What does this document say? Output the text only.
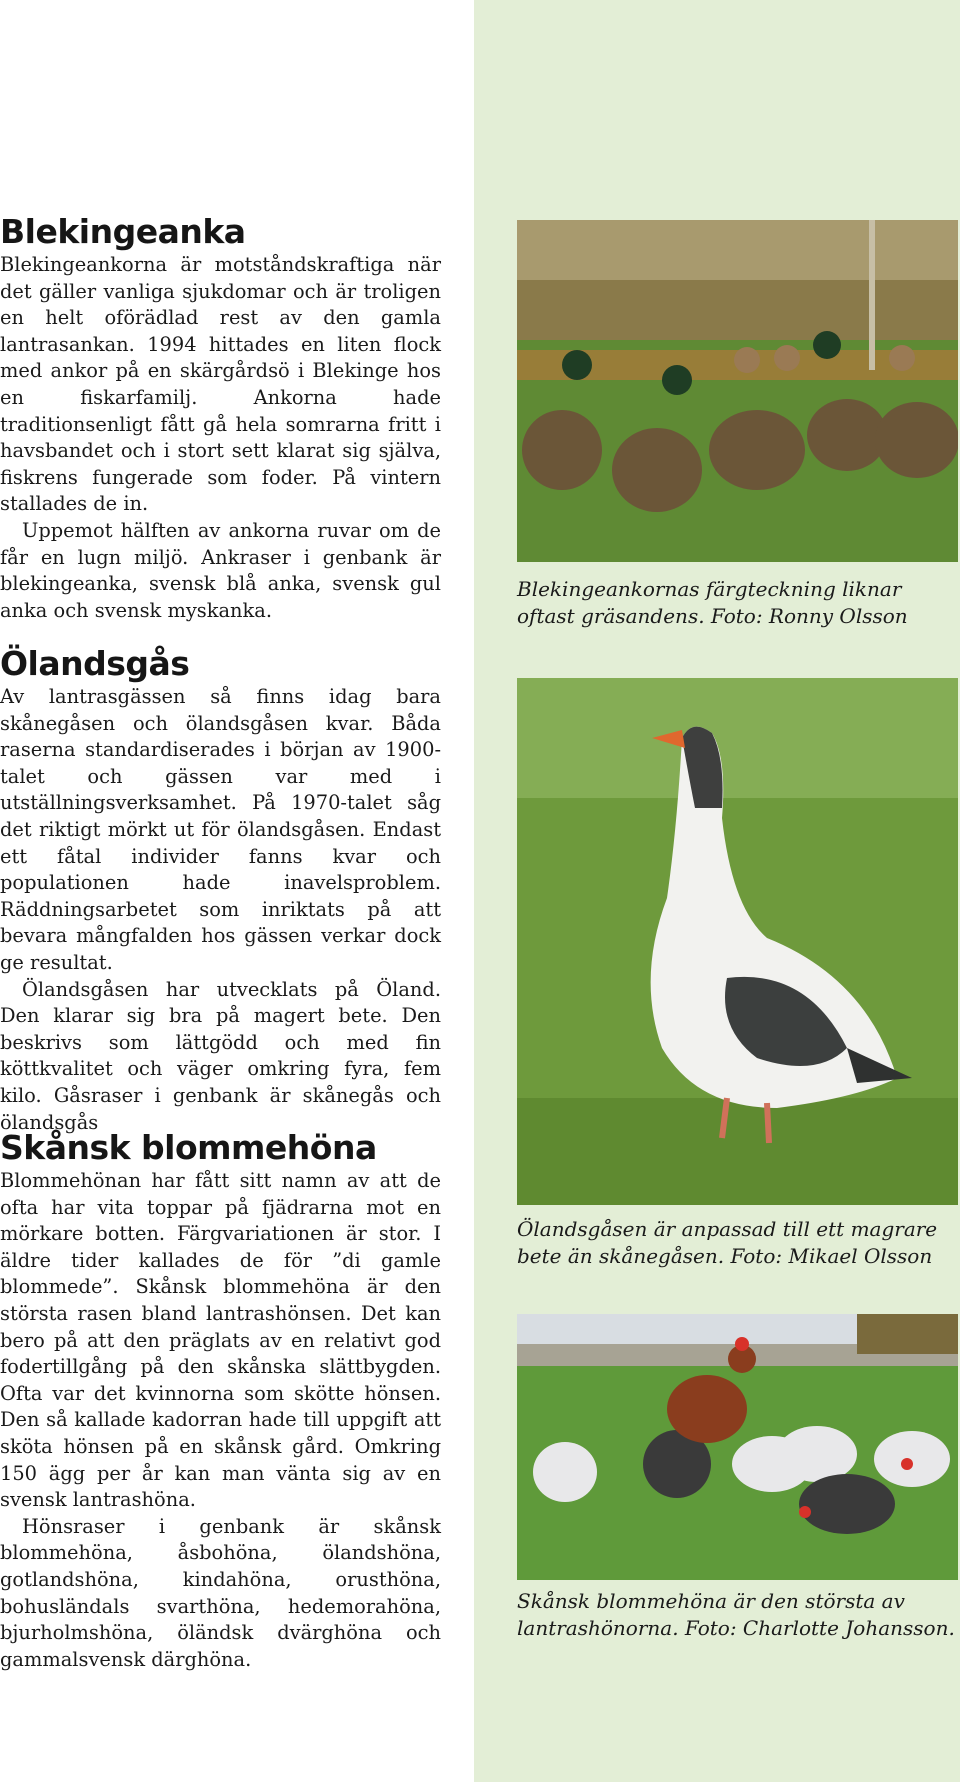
Blekingeanka

Blekingeankorna är motståndskraftiga när det gäller vanliga sjukdomar och är troligen en helt oförädlad rest av den gamla lantrasankan. 1994 hittades en liten flock med ankor på en skärgårdsö i Blekinge hos en fiskarfamilj. Ankorna hade traditionsenligt fått gå hela somrarna fritt i havsbandet och i stort sett klarat sig själva, fiskrens fungerade som foder. På vintern stallades de in.

Uppemot hälften av ankorna ruvar om de får en lugn miljö. Ankraser i genbank är blekingeanka, svensk blå anka, svensk gul anka och svensk myskanka.

Ölandsgås

Av lantrasgässen så finns idag bara skånegåsen och ölandsgåsen kvar. Båda raserna standardiserades i början av 1900-talet och gässen var med i utställningsverksamhet. På 1970-talet såg det riktigt mörkt ut för ölandsgåsen. Endast ett fåtal individer fanns kvar och populationen hade inavelsproblem. Räddningsarbetet som inriktats på att bevara mångfalden hos gässen verkar dock ge resultat.

Ölandsgåsen har utvecklats på Öland. Den klarar sig bra på magert bete. Den beskrivs som lättgödd och med fin köttkvalitet och väger omkring fyra, fem kilo. Gåsraser i genbank är skånegås och ölandsgås

Skånsk blommehöna

Blommehönan har fått sitt namn av att de ofta har vita toppar på fjädrarna mot en mörkare botten. Färgvariationen är stor. I äldre tider kallades de för ”di gamle blommede”. Skånsk blommehöna är den största rasen bland lantrashönsen. Det kan bero på att den präglats av en relativt god fodertillgång på den skånska slättbygden. Ofta var det kvinnorna som skötte hönsen. Den så kallade kadorran hade till uppgift att sköta hönsen på en skånsk gård. Omkring 150 ägg per år kan man vänta sig av en svensk lantrashöna.

Hönsraser i genbank är skånsk blommehöna, åsbohöna, ölandshöna, gotlandshöna, kindahöna, orusthöna, bohusländals svarthöna, hedemorahöna, bjurholmshöna, öländsk dvärghöna och gammalsvensk därghöna.

Blekingeankornas färgteckning liknar oftast gräsandens. Foto: Ronny Olsson
Ölandsgåsen är anpassad till ett magrare bete än skånegåsen. Foto: Mikael Olsson
Skånsk blommehöna är den största av lantrashönorna. Foto: Charlotte Johansson.
